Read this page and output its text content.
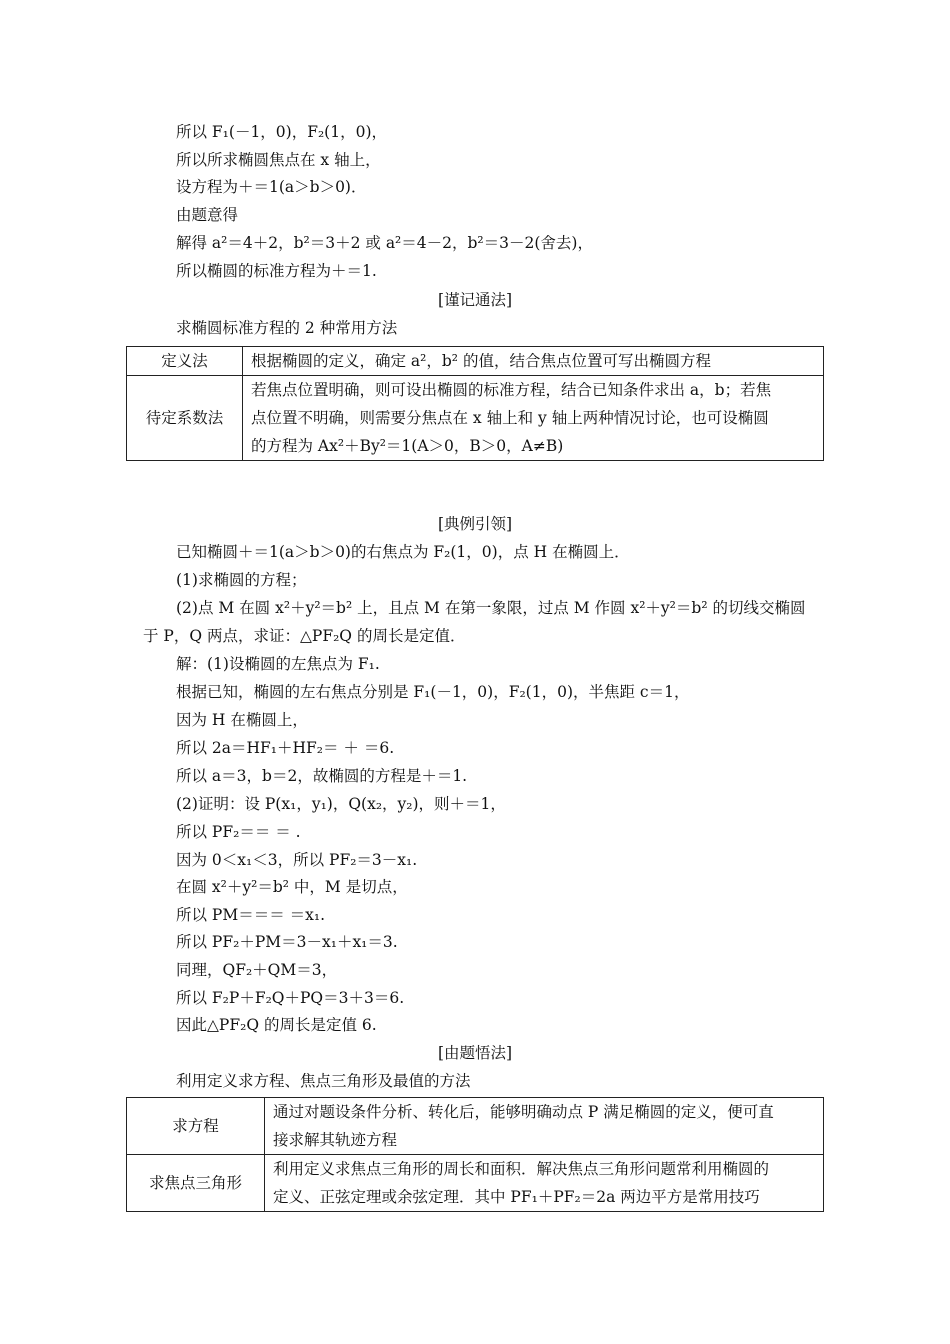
所以 F₁(－1，0)，F₂(1，0)，
所以所求椭圆焦点在 x 轴上，
设方程为＋＝1(a＞b＞0)．
由题意得
解得 a²＝4＋2，b²＝3＋2 或 a²＝4－2，b²＝3－2(舍去)，
所以椭圆的标准方程为＋＝1.
[谨记通法]
求椭圆标准方程的 2 种常用方法
定义法	根据椭圆的定义，确定 a²，b² 的值，结合焦点位置可写出椭圆方程

待定系数法	若焦点位置明确，则可设出椭圆的标准方程，结合已知条件求出 a，b；若焦
点位置不明确，则需要分焦点在 x 轴上和 y 轴上两种情况讨论，也可设椭圆
的方程为 Ax²＋By²＝1(A＞0，B＞0，A≠B)
[典例引领]
已知椭圆＋＝1(a＞b＞0)的右焦点为 F₂(1，0)，点 H 在椭圆上．
(1)求椭圆的方程；
(2)点 M 在圆 x²＋y²＝b² 上，且点 M 在第一象限，过点 M 作圆 x²＋y²＝b² 的切线交椭圆
于 P，Q 两点，求证：△PF₂Q 的周长是定值．
解：(1)设椭圆的左焦点为 F₁.
根据已知，椭圆的左右焦点分别是 F₁(－1，0)，F₂(1，0)，半焦距 c＝1，
因为 H 在椭圆上，
所以 2a＝HF₁＋HF₂＝ ＋ ＝6.
所以 a＝3，b＝2，故椭圆的方程是＋＝1.
(2)证明：设 P(x₁，y₁)，Q(x₂，y₂)，则＋＝1，
所以 PF₂＝＝ ＝ .
因为 0＜x₁＜3，所以 PF₂＝3－x₁.
在圆 x²＋y²＝b² 中，M 是切点，
所以 PM＝＝＝ ＝x₁.
所以 PF₂＋PM＝3－x₁＋x₁＝3.
同理，QF₂＋QM＝3，
所以 F₂P＋F₂Q＋PQ＝3＋3＝6.
因此△PF₂Q 的周长是定值 6.
[由题悟法]
利用定义求方程、焦点三角形及最值的方法
求方程	通过对题设条件分析、转化后，能够明确动点 P 满足椭圆的定义，便可直
接求解其轨迹方程

求焦点三角形	利用定义求焦点三角形的周长和面积．解决焦点三角形问题常利用椭圆的
定义、正弦定理或余弦定理．其中 PF₁＋PF₂＝2a 两边平方是常用技巧
